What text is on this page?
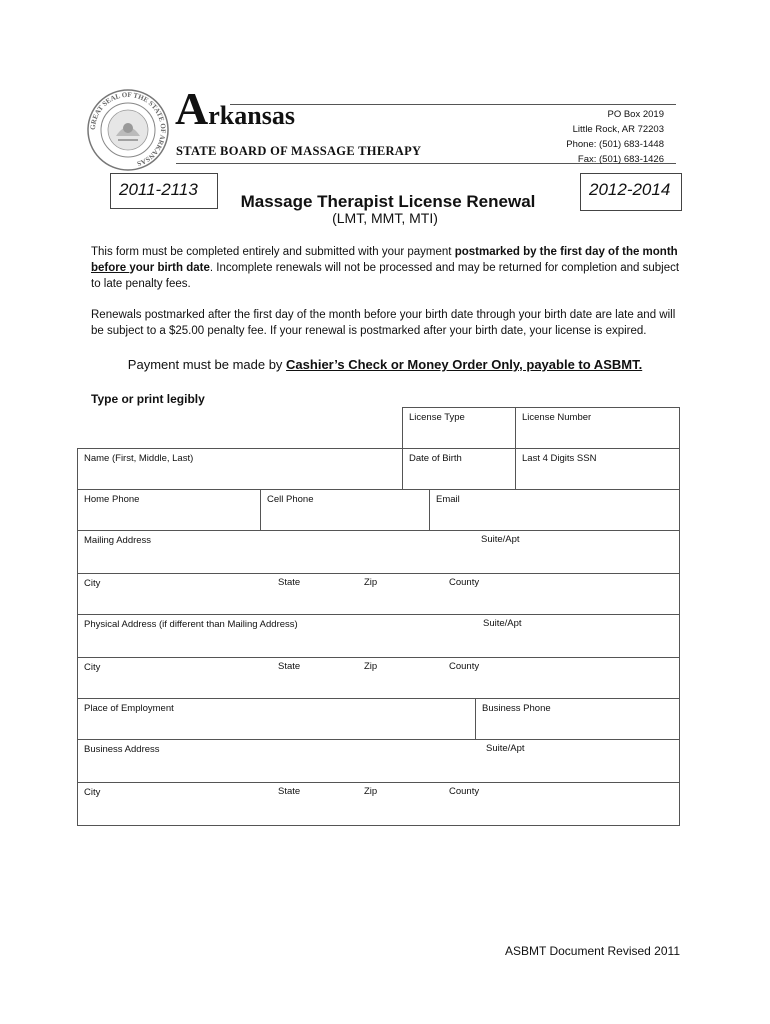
GREAT SEAL OF THE STATE OF ARKANSAS
Arkansas
STATE BOARD OF MASSAGE THERAPY
PO Box 2019
Little Rock, AR 72203
Phone: (501) 683-1448
Fax: (501) 683-1426
2011-2113	2012-2014
Massage Therapist License Renewal
(LMT, MMT, MTI)
This form must be completed entirely and submitted with your payment postmarked by the first day of the month
before your birth date. Incomplete renewals will not be processed and may be returned for completion and subject to late penalty fees.
Renewals postmarked after the first day of the month before your birth date through your birth date are late and will be subject to a $25.00 penalty fee. If your renewal is postmarked after your birth date, your license is expired.
Payment must be made by Cashier’s Check or Money Order Only, payable to ASBMT.
Type or print legibly
License Type	License Number
Name (First, Middle, Last)	Date of Birth	Last 4 Digits SSN
Home Phone	Cell Phone	Email
Mailing Address	Suite/Apt
City	State	Zip	County
Physical Address (if different than Mailing Address)	Suite/Apt
City	State	Zip	County
Place of Employment	Business Phone
Business Address	Suite/Apt
City	State	Zip	County
ASBMT Document Revised 2011
